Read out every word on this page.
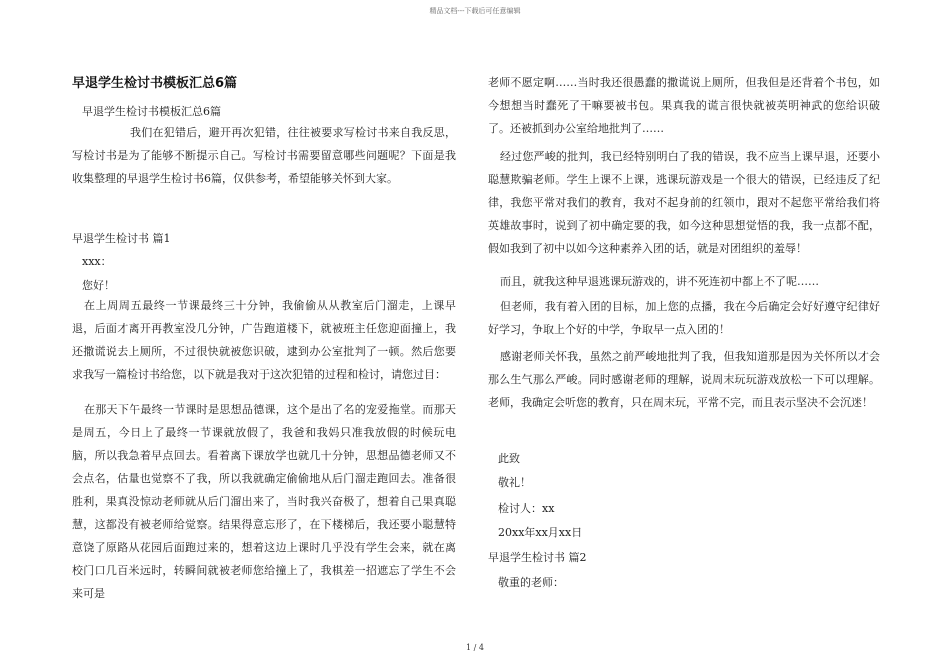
精品文档---下载后可任意编辑
早退学生检讨书模板汇总6篇
早退学生检讨书模板汇总6篇

我们在犯错后，避开再次犯错，往往被要求写检讨书来自我反思，写检讨书是为了能够不断提示自己。写检讨书需要留意哪些问题呢？下面是我收集整理的早退学生检讨书6篇，仅供参考，希望能够关怀到大家。

早退学生检讨书 篇1
xxx：
您好！

在上周周五最终一节课最终三十分钟，我偷偷从从教室后门溜走，上课早退，后面才离开再教室没几分钟，广告跑道楼下，就被班主任您迎面撞上，我还撒谎说去上厕所，不过很快就被您识破，逮到办公室批判了一顿。然后您要求我写一篇检讨书给您，以下就是我对于这次犯错的过程和检讨，请您过目：

在那天下午最终一节课时是思想品德课，这个是出了名的宠爱拖堂。而那天是周五，今日上了最终一节课就放假了，我爸和我妈只准我放假的时候玩电脑，所以我急着早点回去。看着离下课放学也就几十分钟，思想品德老师又不会点名，估量也觉察不了我，所以我就确定偷偷地从后门溜走跑回去。准备很胜利，果真没惊动老师就从后门溜出来了，当时我兴奋极了，想着自己果真聪慧，这都没有被老师给觉察。结果得意忘形了，在下楼梯后，我还要小聪慧特意饶了原路从花园后面跑过来的，想着这边上课时几乎没有学生会来，就在离校门口几百米远时，转瞬间就被老师您给撞上了，我棋差一招遮忘了学生不会来可是

老师不愿定啊……当时我还很愚蠢的撒谎说上厕所，但我但是还背着个书包，如今想想当时蠢死了干嘛要被书包。果真我的谎言很快就被英明神武的您给识破了。还被抓到办公室给地批判了……

经过您严峻的批判，我已经特别明白了我的错误，我不应当上课早退，还要小聪慧欺骗老师。学生上课不上课，逃课玩游戏是一个很大的错误，已经违反了纪律，我您平常对我们的教育，我对不起身前的红领巾，跟对不起您平常给我们将英雄故事时，说到了初中确定要的我，如今这种思想觉悟的我，我一点都不配，假如我到了初中以如今这种素养入团的话，就是对团组织的羞辱！

而且，就我这种早退逃课玩游戏的，讲不死连初中都上不了呢……

但老师，我有着入团的目标，加上您的点播，我在今后确定会好好遵守纪律好好学习，争取上个好的中学，争取早一点入团的！

感谢老师关怀我，虽然之前严峻地批判了我，但我知道那是因为关怀所以才会那么生气那么严峻。同时感谢老师的理解，说周末玩玩游戏放松一下可以理解。老师，我确定会听您的教育，只在周末玩，平常不完，而且表示坚决不会沉迷！

此致
敬礼！
检讨人：xx
20xx年xx月xx日
早退学生检讨书 篇2
敬重的老师：
1 / 4
